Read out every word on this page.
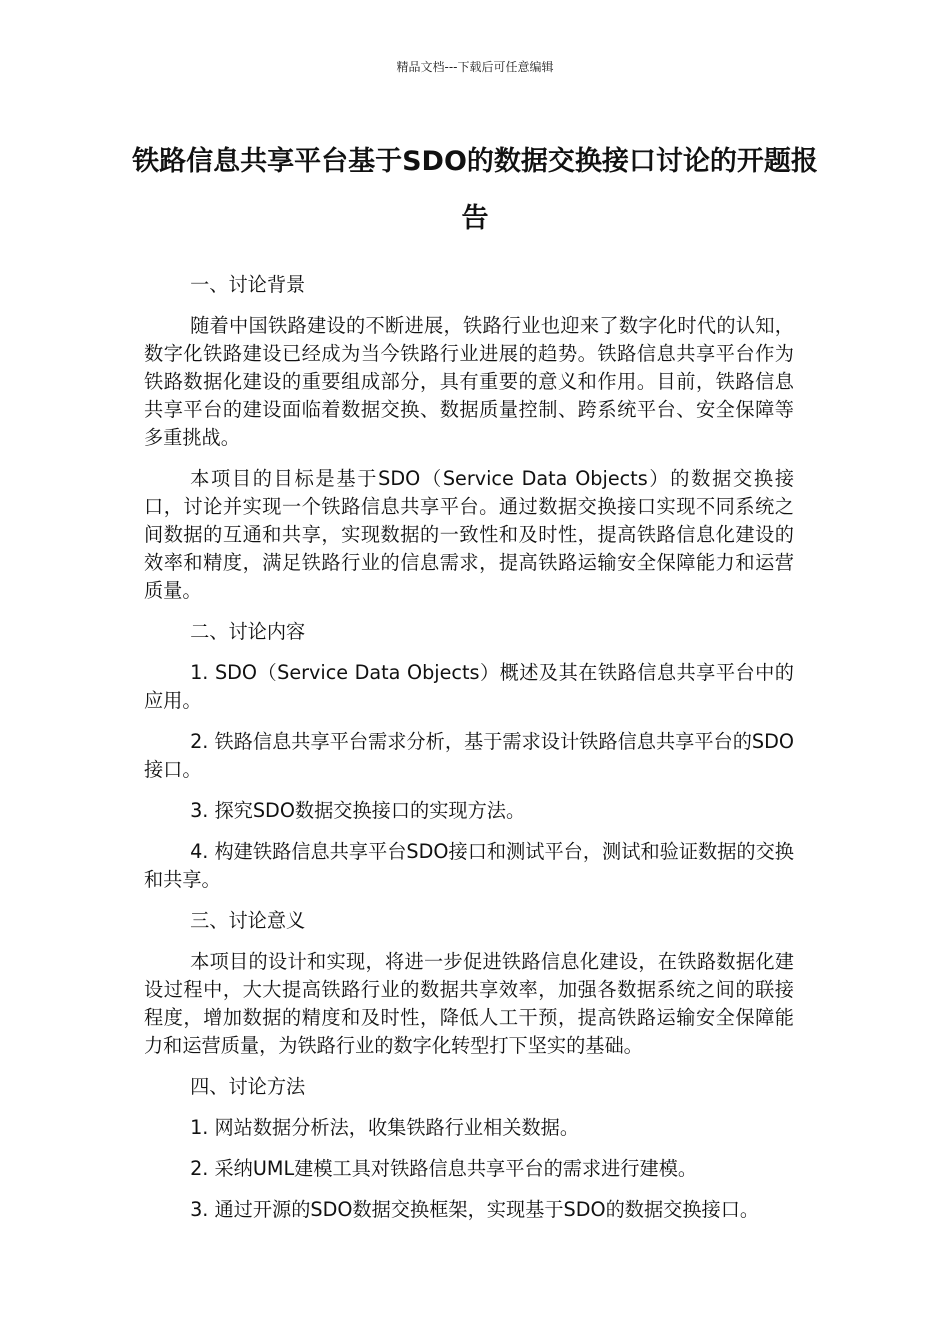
精品文档---下载后可任意编辑
铁路信息共享平台基于SDO的数据交换接口讨论的开题报告

一、讨论背景

随着中国铁路建设的不断进展，铁路行业也迎来了数字化时代的认知，数字化铁路建设已经成为当今铁路行业进展的趋势。铁路信息共享平台作为铁路数据化建设的重要组成部分，具有重要的意义和作用。目前，铁路信息共享平台的建设面临着数据交换、数据质量控制、跨系统平台、安全保障等多重挑战。

本项目的目标是基于SDO（Service Data Objects）的数据交换接口，讨论并实现一个铁路信息共享平台。通过数据交换接口实现不同系统之间数据的互通和共享，实现数据的一致性和及时性，提高铁路信息化建设的效率和精度，满足铁路行业的信息需求，提高铁路运输安全保障能力和运营质量。

二、讨论内容

1. SDO（Service Data Objects）概述及其在铁路信息共享平台中的应用。

2. 铁路信息共享平台需求分析，基于需求设计铁路信息共享平台的SDO接口。

3. 探究SDO数据交换接口的实现方法。

4. 构建铁路信息共享平台SDO接口和测试平台，测试和验证数据的交换和共享。

三、讨论意义

本项目的设计和实现，将进一步促进铁路信息化建设，在铁路数据化建设过程中，大大提高铁路行业的数据共享效率，加强各数据系统之间的联接程度，增加数据的精度和及时性，降低人工干预，提高铁路运输安全保障能力和运营质量，为铁路行业的数字化转型打下坚实的基础。

四、讨论方法

1. 网站数据分析法，收集铁路行业相关数据。

2. 采纳UML建模工具对铁路信息共享平台的需求进行建模。

3. 通过开源的SDO数据交换框架，实现基于SDO的数据交换接口。
